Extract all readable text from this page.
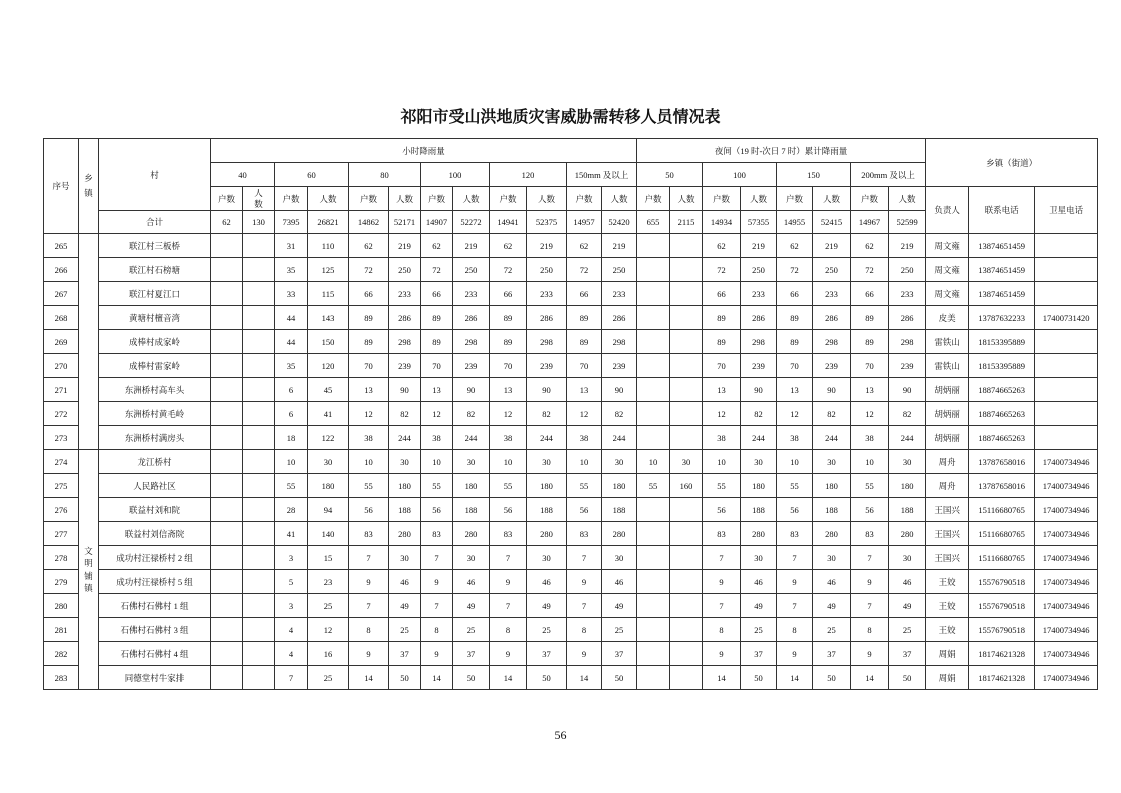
祁阳市受山洪地质灾害威胁需转移人员情况表
序号	乡镇	村	小时降雨量												夜间（19 时-次日 7 时）累计降雨量								乡镇（街道）		
			40		60		80		100		120		150mm 及以上		50		100		150		200mm 及以上				
			户数	人数	户数	人数	户数	人数	户数	人数	户数	人数	户数	人数	户数	人数	户数	人数	户数	人数	户数	人数	负责人	联系电话	卫星电话
		合计	62	130	7395	26821	14862	52171	14907	52272	14941	52375	14957	52420	655	2115	14934	57355	14955	52415	14967	52599			
265		联江村三板桥			31	110	62	219	62	219	62	219	62	219			62	219	62	219	62	219	周文雍	13874651459	
266		联江村石榜塘			35	125	72	250	72	250	72	250	72	250			72	250	72	250	72	250	周文雍	13874651459	
267		联江村夏江口			33	115	66	233	66	233	66	233	66	233			66	233	66	233	66	233	周文雍	13874651459	
268		黄塘村檀音湾			44	143	89	286	89	286	89	286	89	286			89	286	89	286	89	286	皮美	13787632233	17400731420
269		成棒村成家岭			44	150	89	298	89	298	89	298	89	298			89	298	89	298	89	298	雷铁山	18153395889	
270		成棒村雷家岭			35	120	70	239	70	239	70	239	70	239			70	239	70	239	70	239	雷铁山	18153395889	
271		东洲桥村高车头			6	45	13	90	13	90	13	90	13	90			13	90	13	90	13	90	胡炳丽	18874665263	
272		东洲桥村黄毛岭			6	41	12	82	12	82	12	82	12	82			12	82	12	82	12	82	胡炳丽	18874665263	
273		东洲桥村满房头			18	122	38	244	38	244	38	244	38	244			38	244	38	244	38	244	胡炳丽	18874665263	
274	文明铺镇	龙江桥村			10	30	10	30	10	30	10	30	10	30	10	30	10	30	10	30	10	30	周舟	13787658016	17400734946
275		人民路社区			55	180	55	180	55	180	55	180	55	180	55	160	55	180	55	180	55	180	周舟	13787658016	17400734946
276		联益村刘和院			28	94	56	188	56	188	56	188	56	188			56	188	56	188	56	188	王国兴	15116680765	17400734946
277		联益村刘信斋院			41	140	83	280	83	280	83	280	83	280			83	280	83	280	83	280	王国兴	15116680765	17400734946
278		成功村汪禄桥村 2 组			3	15	7	30	7	30	7	30	7	30			7	30	7	30	7	30	王国兴	15116680765	17400734946
279		成功村汪禄桥村 5 组			5	23	9	46	9	46	9	46	9	46			9	46	9	46	9	46	王姣	15576790518	17400734946
280		石佛村石佛村 1 组			3	25	7	49	7	49	7	49	7	49			7	49	7	49	7	49	王姣	15576790518	17400734946
281		石佛村石佛村 3 组			4	12	8	25	8	25	8	25	8	25			8	25	8	25	8	25	王姣	15576790518	17400734946
282		石佛村石佛村 4 组			4	16	9	37	9	37	9	37	9	37			9	37	9	37	9	37	周娟	18174621328	17400734946
283		同德堂村牛家排			7	25	14	50	14	50	14	50	14	50			14	50	14	50	14	50	周娟	18174621328	17400734946
56
